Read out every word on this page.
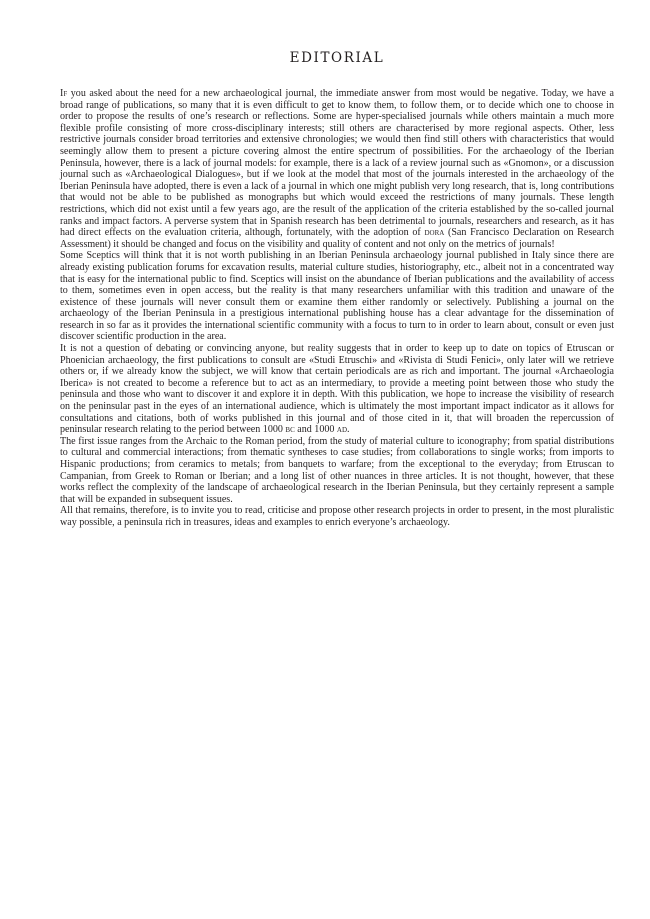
EDITORIAL

If you asked about the need for a new archaeological journal, the immediate answer from most would be negative. Today, we have a broad range of publications, so many that it is even difficult to get to know them, to follow them, or to decide which one to choose in order to propose the results of one’s research or reflections. Some are hyper-specialised journals while others maintain a much more flexible profile consisting of more cross-disciplinary interests; still others are characterised by more regional aspects. Other, less restrictive journals consider broad territories and extensive chronologies; we would then find still others with characteristics that would seemingly allow them to present a picture covering almost the entire spectrum of possibilities. For the archaeology of the Iberian Peninsula, however, there is a lack of journal models: for example, there is a lack of a review journal such as «Gnomon», or a discussion journal such as «Archaeological Dialogues», but if we look at the model that most of the journals interested in the archaeology of the Iberian Peninsula have adopted, there is even a lack of a journal in which one might publish very long research, that is, long contributions that would not be able to be published as monographs but which would exceed the restrictions of many journals. These length restrictions, which did not exist until a few years ago, are the result of the application of the criteria established by the so-called journal ranks and impact factors. A perverse system that in Spanish research has been detrimental to journals, researchers and research, as it has had direct effects on the evaluation criteria, although, fortunately, with the adoption of dora (San Francisco Declaration on Research Assessment) it should be changed and focus on the visibility and quality of content and not only on the metrics of journals!

Some Sceptics will think that it is not worth publishing in an Iberian Peninsula archaeology journal published in Italy since there are already existing publication forums for excavation results, material culture studies, historiography, etc., albeit not in a concentrated way that is easy for the international public to find. Sceptics will insist on the abundance of Iberian publications and the availability of access to them, sometimes even in open access, but the reality is that many researchers unfamiliar with this tradition and unaware of the existence of these journals will never consult them or examine them either randomly or selectively. Publishing a journal on the archaeology of the Iberian Peninsula in a prestigious international publishing house has a clear advantage for the dissemination of research in so far as it provides the international scientific community with a focus to turn to in order to learn about, consult or even just discover scientific production in the area.

It is not a question of debating or convincing anyone, but reality suggests that in order to keep up to date on topics of Etruscan or Phoenician archaeology, the first publications to consult are «Studi Etruschi» and «Rivista di Studi Fenici», only later will we retrieve others or, if we already know the subject, we will know that certain periodicals are as rich and important. The journal «Archaeologia Iberica» is not created to become a reference but to act as an intermediary, to provide a meeting point between those who study the peninsula and those who want to discover it and explore it in depth. With this publication, we hope to increase the visibility of research on the peninsular past in the eyes of an international audience, which is ultimately the most important impact indicator as it allows for consultations and citations, both of works published in this journal and of those cited in it, that will broaden the repercussion of peninsular research relating to the period between 1000 bc and 1000 ad.

The first issue ranges from the Archaic to the Roman period, from the study of material culture to iconography; from spatial distributions to cultural and commercial interactions; from thematic syntheses to case studies; from collaborations to single works; from imports to Hispanic productions; from ceramics to metals; from banquets to warfare; from the exceptional to the everyday; from Etruscan to Campanian, from Greek to Roman or Iberian; and a long list of other nuances in three articles. It is not thought, however, that these works reflect the complexity of the landscape of archaeological research in the Iberian Peninsula, but they certainly represent a sample that will be expanded in subsequent issues.

All that remains, therefore, is to invite you to read, criticise and propose other research projects in order to present, in the most pluralistic way possible, a peninsula rich in treasures, ideas and examples to enrich everyone’s archaeology.
